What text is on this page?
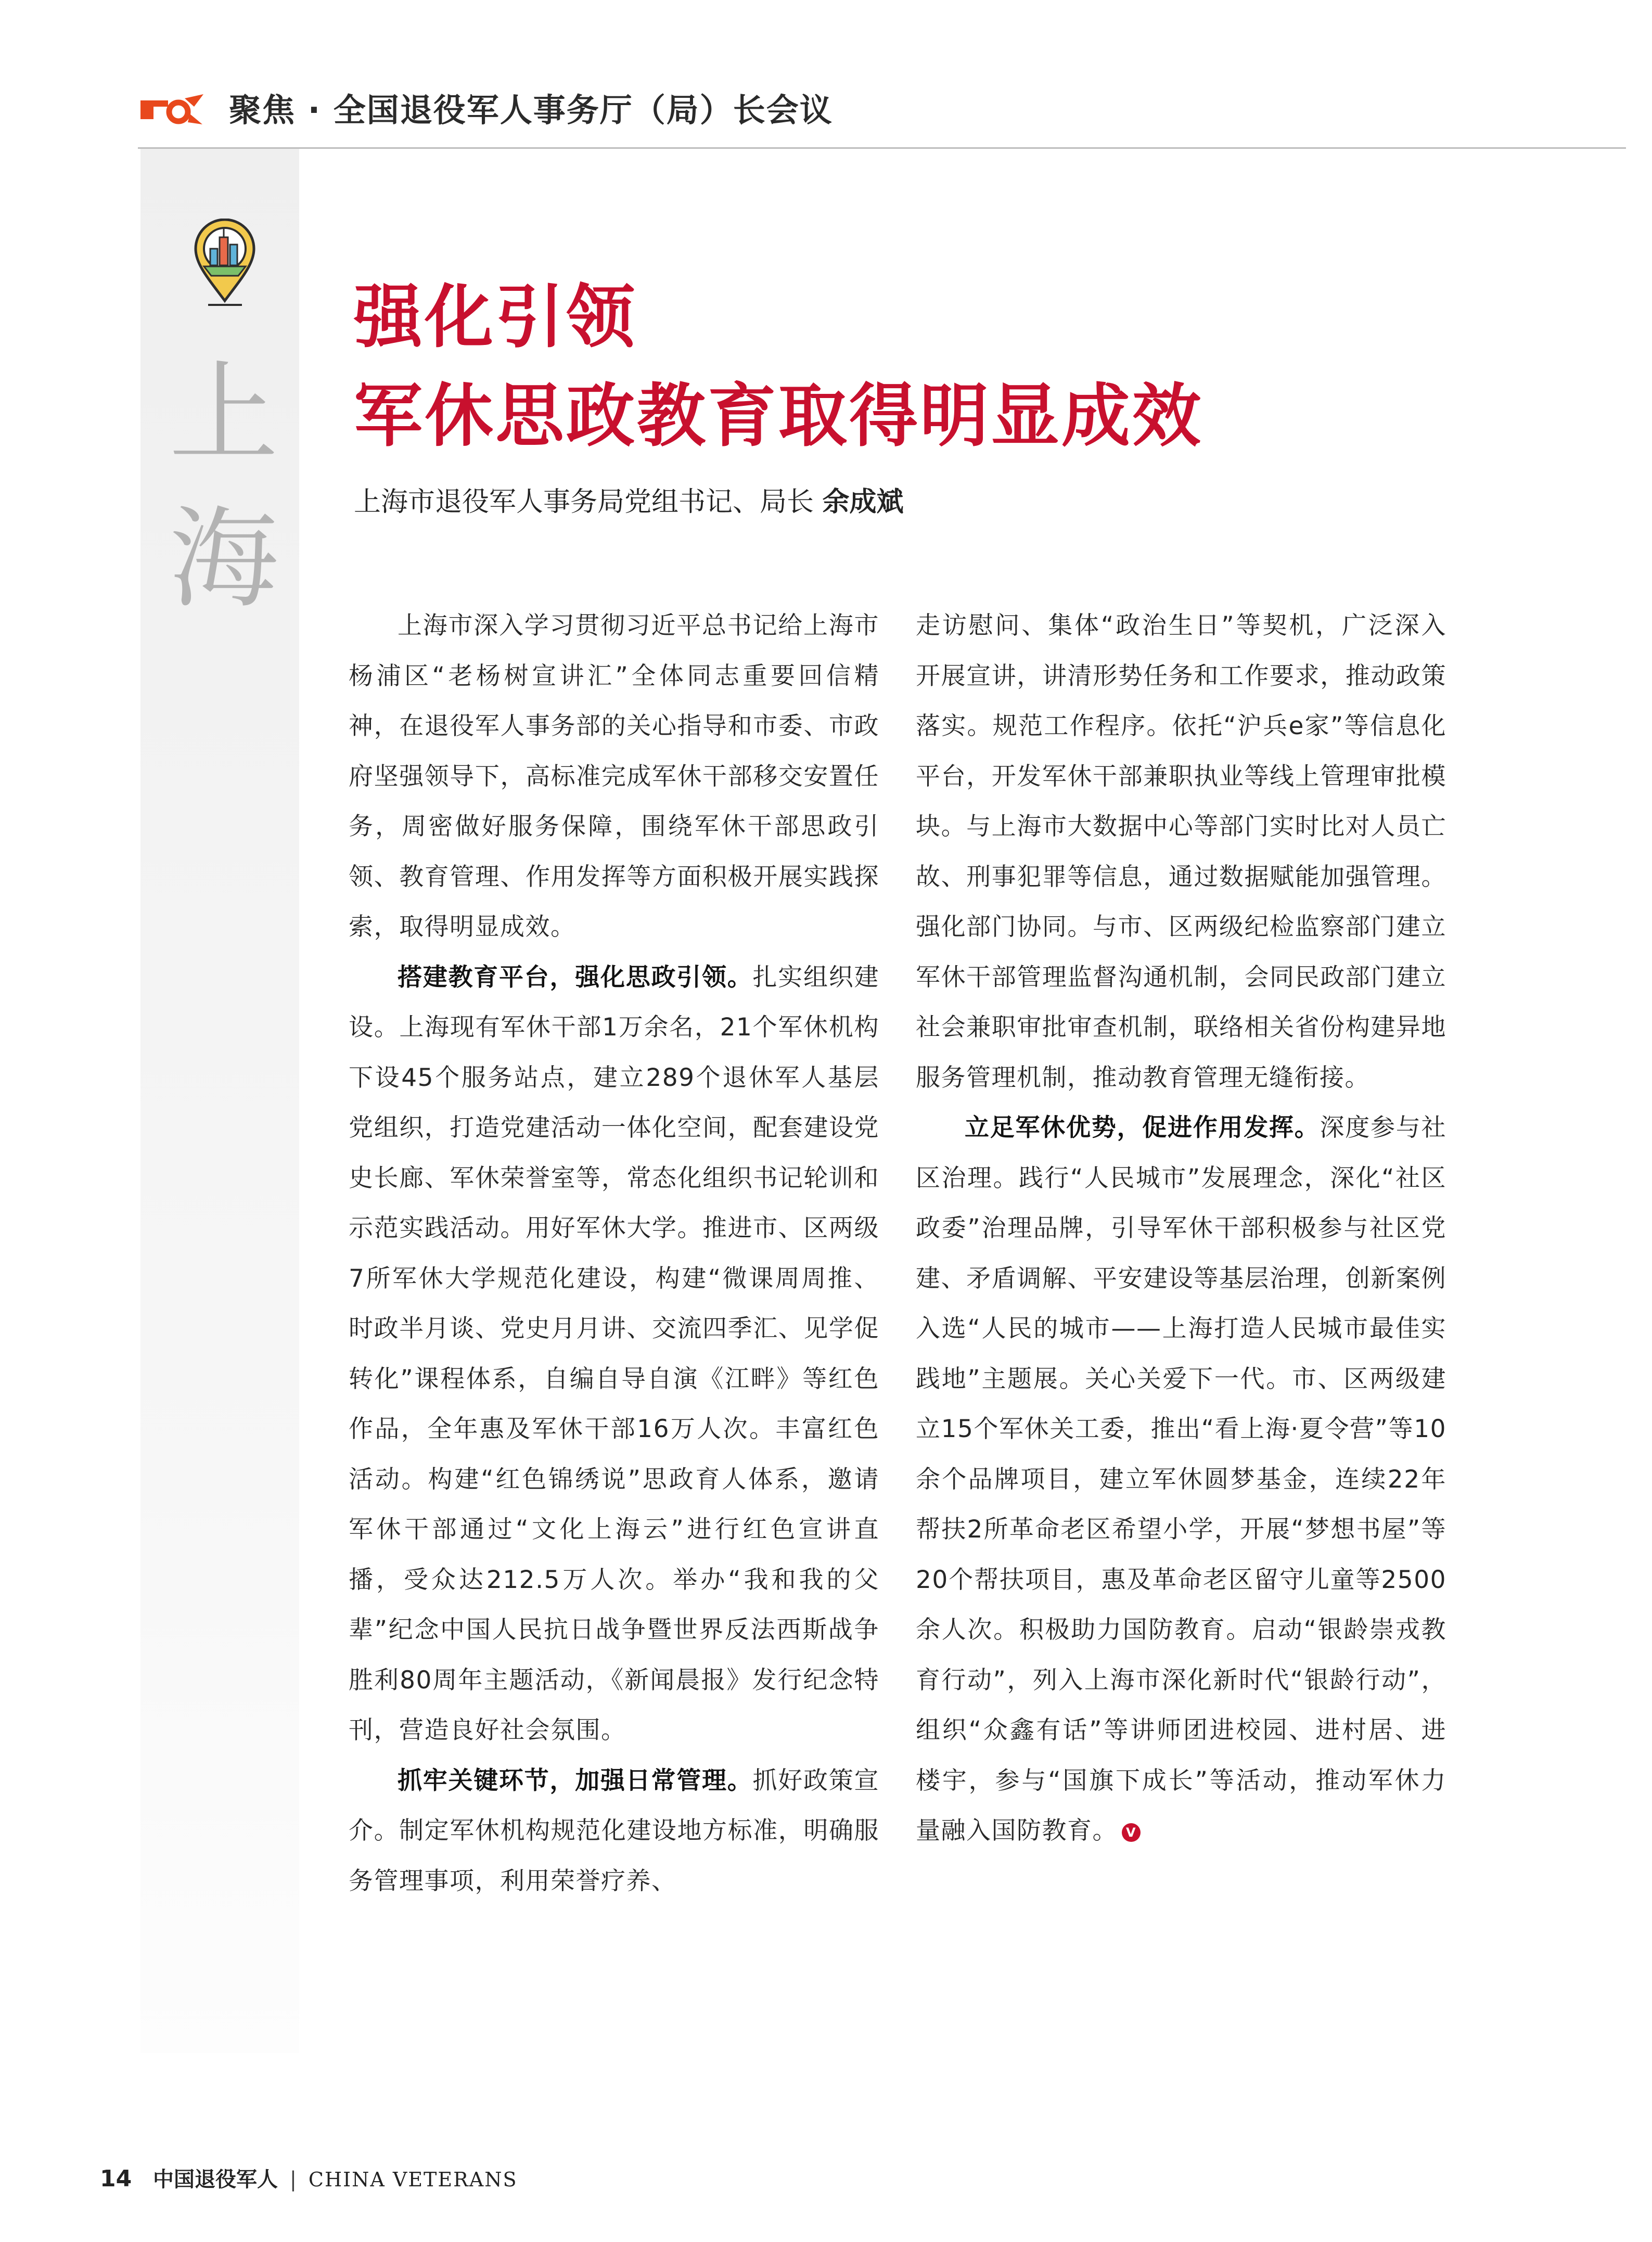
聚焦 · 全国退役军人事务厅（局）长会议
上
海
强化引领
军休思政教育取得明显成效
上海市退役军人事务局党组书记、局长 余成斌

上海市深入学习贯彻习近平总书记给上海市杨浦区“老杨树宣讲汇”全体同志重要回信精神，在退役军人事务部的关心指导和市委、市政府坚强领导下，高标准完成军休干部移交安置任务，周密做好服务保障，围绕军休干部思政引领、教育管理、作用发挥等方面积极开展实践探索，取得明显成效。

搭建教育平台，强化思政引领。扎实组织建设。上海现有军休干部1万余名，21个军休机构下设45个服务站点，建立289个退休军人基层党组织，打造党建活动一体化空间，配套建设党史长廊、军休荣誉室等，常态化组织书记轮训和示范实践活动。用好军休大学。推进市、区两级7所军休大学规范化建设，构建“微课周周推、时政半月谈、党史月月讲、交流四季汇、见学促转化”课程体系，自编自导自演《江畔》等红色作品，全年惠及军休干部16万人次。丰富红色活动。构建“红色锦绣说”思政育人体系，邀请军休干部通过“文化上海云”进行红色宣讲直播，受众达212.5万人次。举办“我和我的父辈”纪念中国人民抗日战争暨世界反法西斯战争胜利80周年主题活动，《新闻晨报》发行纪念特刊，营造良好社会氛围。

抓牢关键环节，加强日常管理。抓好政策宣介。制定军休机构规范化建设地方标准，明确服务管理事项，利用荣誉疗养、

走访慰问、集体“政治生日”等契机，广泛深入开展宣讲，讲清形势任务和工作要求，推动政策落实。规范工作程序。依托“沪兵e家”等信息化平台，开发军休干部兼职执业等线上管理审批模块。与上海市大数据中心等部门实时比对人员亡故、刑事犯罪等信息，通过数据赋能加强管理。强化部门协同。与市、区两级纪检监察部门建立军休干部管理监督沟通机制，会同民政部门建立社会兼职审批审查机制，联络相关省份构建异地服务管理机制，推动教育管理无缝衔接。

立足军休优势，促进作用发挥。深度参与社区治理。践行“人民城市”发展理念，深化“社区政委”治理品牌，引导军休干部积极参与社区党建、矛盾调解、平安建设等基层治理，创新案例入选“人民的城市——上海打造人民城市最佳实践地”主题展。关心关爱下一代。市、区两级建立15个军休关工委，推出“看上海·夏令营”等10余个品牌项目，建立军休圆梦基金，连续22年帮扶2所革命老区希望小学，开展“梦想书屋”等20个帮扶项目，惠及革命老区留守儿童等2500余人次。积极助力国防教育。启动“银龄崇戎教育行动”，列入上海市深化新时代“银龄行动”，组织“众鑫有话”等讲师团进校园、进村居、进楼宇，参与“国旗下成长”等活动，推动军休力量融入国防教育。 V

14 中国退役军人 | CHINA VETERANS
